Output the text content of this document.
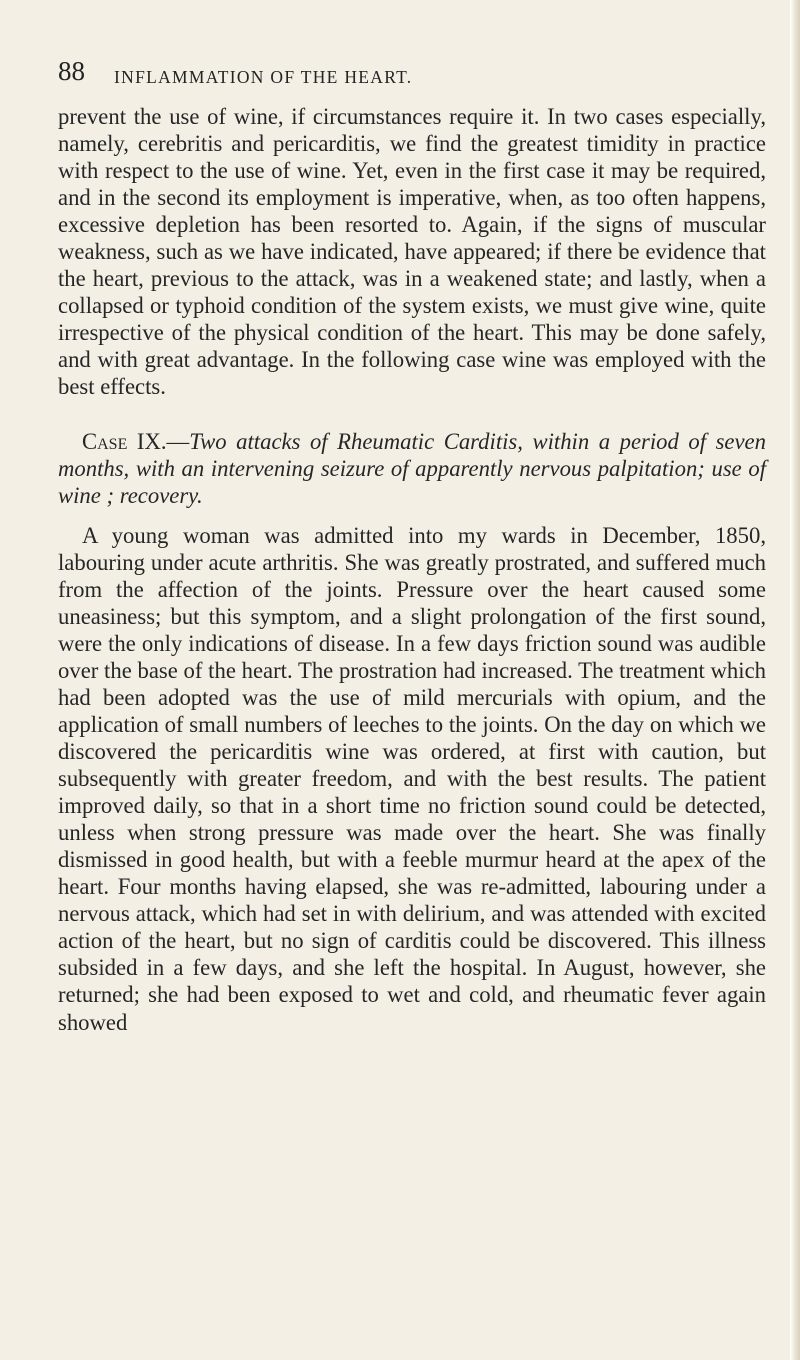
88 INFLAMMATION OF THE HEART.

prevent the use of wine, if circumstances require it. In two cases especially, namely, cerebritis and pericarditis, we find the greatest timidity in practice with respect to the use of wine. Yet, even in the first case it may be required, and in the second its employment is imperative, when, as too often happens, excessive depletion has been resorted to. Again, if the signs of muscular weakness, such as we have indicated, have appeared; if there be evidence that the heart, previous to the attack, was in a weakened state; and lastly, when a collapsed or typhoid condition of the system exists, we must give wine, quite irrespective of the physical condition of the heart. This may be done safely, and with great advantage. In the following case wine was employed with the best effects.

Case IX.—Two attacks of Rheumatic Carditis, within a period of seven months, with an intervening seizure of apparently nervous palpitation; use of wine ; recovery.

A young woman was admitted into my wards in December, 1850, labouring under acute arthritis. She was greatly prostrated, and suffered much from the affection of the joints. Pressure over the heart caused some uneasiness; but this symptom, and a slight prolongation of the first sound, were the only indications of disease. In a few days friction sound was audible over the base of the heart. The prostration had increased. The treatment which had been adopted was the use of mild mercurials with opium, and the application of small numbers of leeches to the joints. On the day on which we discovered the pericarditis wine was ordered, at first with caution, but subsequently with greater freedom, and with the best results. The patient improved daily, so that in a short time no friction sound could be detected, unless when strong pressure was made over the heart. She was finally dismissed in good health, but with a feeble murmur heard at the apex of the heart. Four months having elapsed, she was re-admitted, labouring under a nervous attack, which had set in with delirium, and was attended with excited action of the heart, but no sign of carditis could be discovered. This illness subsided in a few days, and she left the hospital. In August, however, she returned; she had been exposed to wet and cold, and rheumatic fever again showed
